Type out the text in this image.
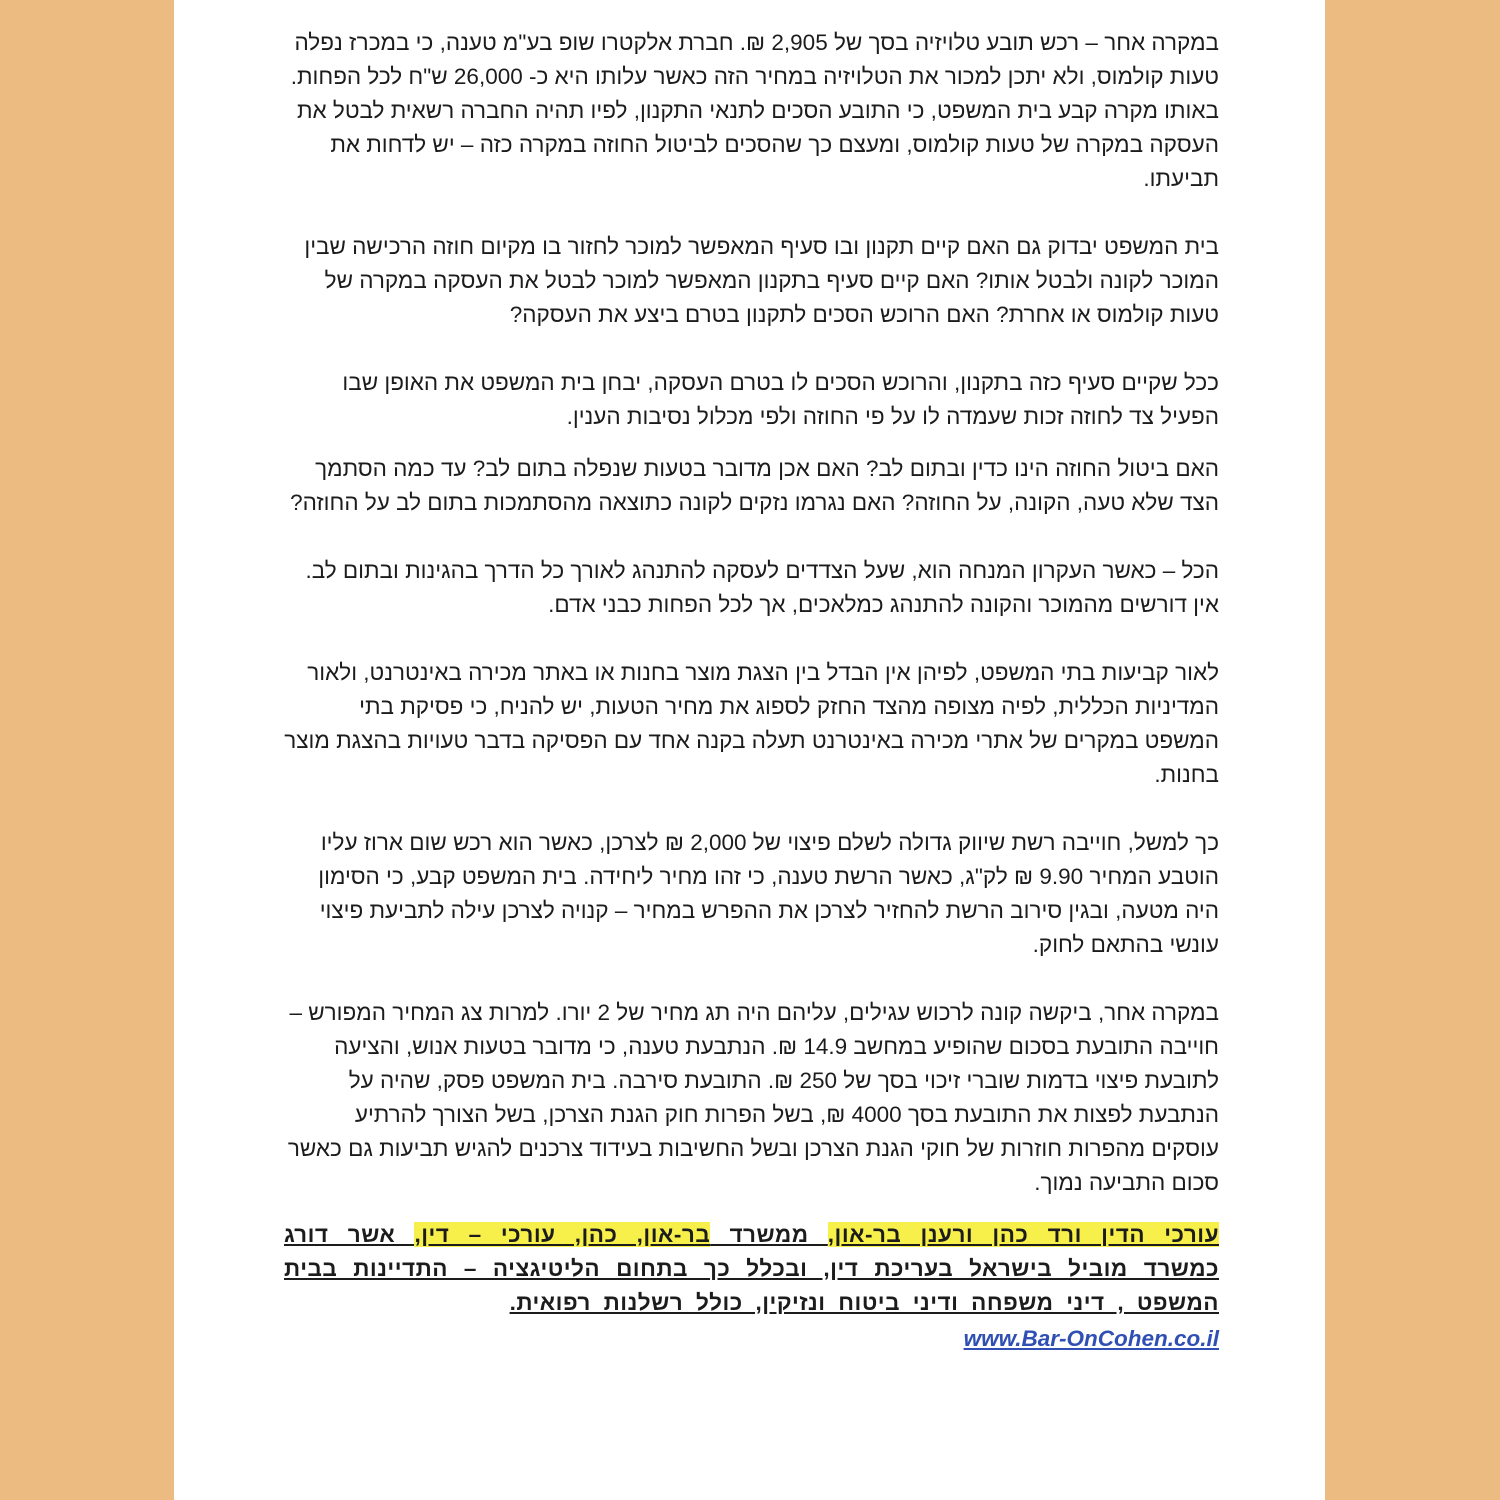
במקרה אחר – רכש תובע טלויזיה בסך של 2,905 ₪. חברת אלקטרו שופ בע"מ טענה, כי במכרז נפלה טעות קולמוס, ולא יתכן למכור את הטלויזיה במחיר הזה כאשר עלותו היא כ- 26,000 ש"ח לכל הפחות. באותו מקרה קבע בית המשפט, כי התובע הסכים לתנאי התקנון, לפיו תהיה החברה רשאית לבטל את העסקה במקרה של טעות קולמוס, ומעצם כך שהסכים לביטול החוזה במקרה כזה – יש לדחות את תביעתו.

בית המשפט יבדוק גם האם קיים תקנון ובו סעיף המאפשר למוכר לחזור בו מקיום חוזה הרכישה שבין המוכר לקונה ולבטל אותו? האם קיים סעיף בתקנון המאפשר למוכר לבטל את העסקה במקרה של טעות קולמוס או אחרת? האם הרוכש הסכים לתקנון בטרם ביצע את העסקה?

ככל שקיים סעיף כזה בתקנון, והרוכש הסכים לו בטרם העסקה, יבחן בית המשפט את האופן שבו הפעיל צד לחוזה זכות שעמדה לו על פי החוזה ולפי מכלול נסיבות הענין.

האם ביטול החוזה הינו כדין ובתום לב? האם אכן מדובר בטעות שנפלה בתום לב? עד כמה הסתמך הצד שלא טעה, הקונה, על החוזה? האם נגרמו נזקים לקונה כתוצאה מהסתמכות בתום לב על החוזה?

הכל – כאשר העקרון המנחה הוא, שעל הצדדים לעסקה להתנהג לאורך כל הדרך בהגינות ובתום לב. אין דורשים מהמוכר והקונה להתנהג כמלאכים, אך לכל הפחות כבני אדם.

לאור קביעות בתי המשפט, לפיהן אין הבדל בין הצגת מוצר בחנות או באתר מכירה באינטרנט, ולאור המדיניות הכללית, לפיה מצופה מהצד החזק לספוג את מחיר הטעות, יש להניח, כי פסיקת בתי המשפט במקרים של אתרי מכירה באינטרנט תעלה בקנה אחד עם הפסיקה בדבר טעויות בהצגת מוצר בחנות.

כך למשל, חוייבה רשת שיווק גדולה לשלם פיצוי של 2,000 ₪ לצרכן, כאשר הוא רכש שום ארוז עליו הוטבע המחיר 9.90 ₪ לק"ג, כאשר הרשת טענה, כי זהו מחיר ליחידה. בית המשפט קבע, כי הסימון היה מטעה, ובגין סירוב הרשת להחזיר לצרכן את ההפרש במחיר – קנויה לצרכן עילה לתביעת פיצוי עונשי בהתאם לחוק.

במקרה אחר, ביקשה קונה לרכוש עגילים, עליהם היה תג מחיר של 2 יורו. למרות צג המחיר המפורש – חוייבה התובעת בסכום שהופיע במחשב 14.9 ₪. הנתבעת טענה, כי מדובר בטעות אנוש, והציעה לתובעת פיצוי בדמות שוברי זיכוי בסך של 250 ₪. התובעת סירבה. בית המשפט פסק, שהיה על הנתבעת לפצות את התובעת בסך 4000 ₪, בשל הפרות חוק הגנת הצרכן, בשל הצורך להרתיע עוסקים מהפרות חוזרות של חוקי הגנת הצרכן ובשל החשיבות בעידוד צרכנים להגיש תביעות גם כאשר סכום התביעה נמוך.

עורכי הדין ורד כהן ורענן בר-און, ממשרד בר-און, כהן, עורכי – דין, אשר דורג כמשרד מוביל בישראל בעריכת דין, ובכלל כך בתחום הליטיגציה – התדיינות בבית המשפט , דיני משפחה ודיני ביטוח ונזיקין, כולל רשלנות רפואית.

www.Bar-OnCohen.co.il
